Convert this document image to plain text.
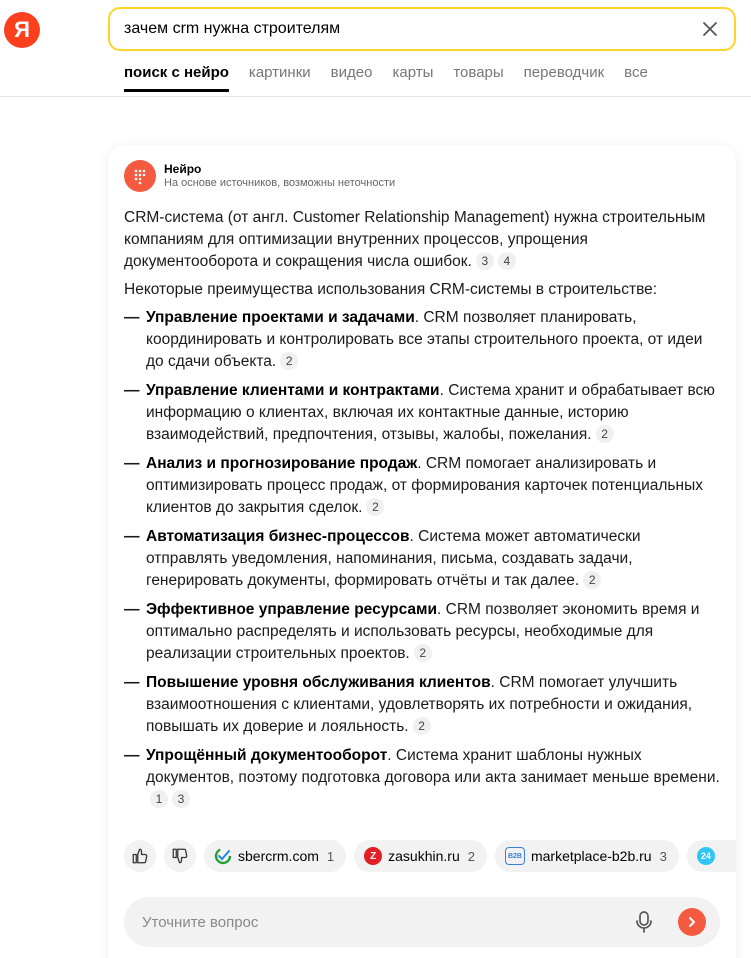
Я
зачем crm нужна строителям
поиск с нейро картинки видео карты товары переводчик все
Нейро
На основе источников, возможны неточности
CRM-система (от англ. Customer Relationship Management) нужна строительным компаниям для оптимизации внутренних процессов, упрощения документооборота и сокращения числа ошибок. 3 4
Некоторые преимущества использования CRM-системы в строительстве:
— Управление проектами и задачами. CRM позволяет планировать, координировать и контролировать все этапы строительного проекта, от идеи до сдачи объекта. 2
— Управление клиентами и контрактами. Система хранит и обрабатывает всю информацию о клиентах, включая их контактные данные, историю взаимодействий, предпочтения, отзывы, жалобы, пожелания. 2
— Анализ и прогнозирование продаж. CRM помогает анализировать и оптимизировать процесс продаж, от формирования карточек потенциальных клиентов до закрытия сделок. 2
— Автоматизация бизнес-процессов. Система может автоматически отправлять уведомления, напоминания, письма, создавать задачи, генерировать документы, формировать отчёты и так далее. 2
— Эффективное управление ресурсами. CRM позволяет экономить время и оптимально распределять и использовать ресурсы, необходимые для реализации строительных проектов. 2
— Повышение уровня обслуживания клиентов. CRM помогает улучшить взаимоотношения с клиентами, удовлетворять их потребности и ожидания, повышать их доверие и лояльность. 2
— Упрощённый документооборот. Система хранит шаблоны нужных документов, поэтому подготовка договора или акта занимает меньше времени.1 3
sbercrm.com 1	Z zasukhin.ru 2	B2B marketplace-b2b.ru 3	24
Уточните вопрос
